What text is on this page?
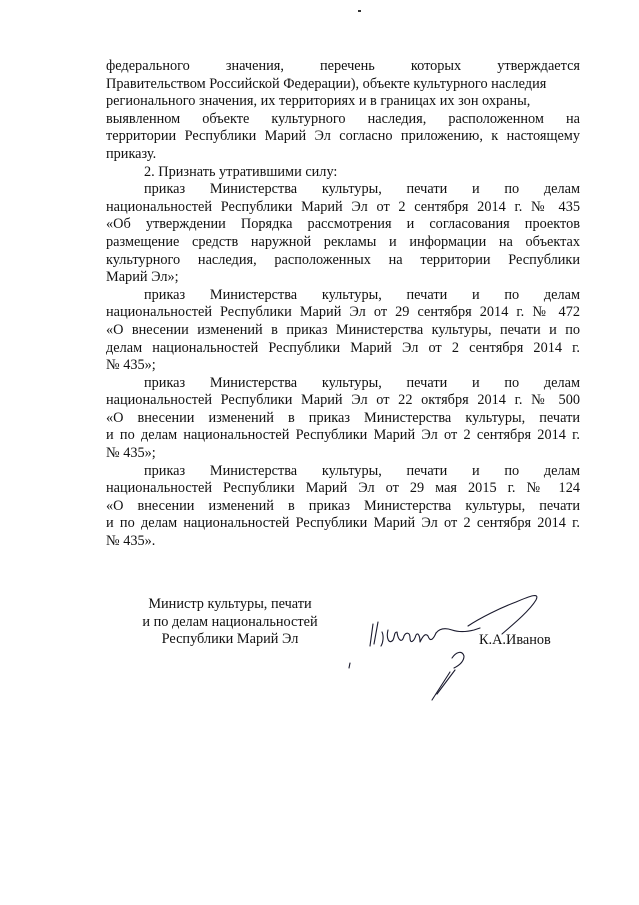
федерального значения, перечень которых утверждается
Правительством Российской Федерации), объекте культурного наследия
регионального значения, их территориях и в границах их зон охраны,
выявленном объекте культурного наследия, расположенном на
территории Республики Марий Эл согласно приложению, к настоящему
приказу.
2. Признать утратившими силу:
приказ Министерства культуры, печати и по делам
национальностей Республики Марий Эл от 2 сентября 2014 г. № 435
«Об утверждении Порядка рассмотрения и согласования проектов
размещение средств наружной рекламы и информации на объектах
культурного наследия, расположенных на территории Республики
Марий Эл»;
приказ Министерства культуры, печати и по делам
национальностей Республики Марий Эл от 29 сентября 2014 г. № 472
«О внесении изменений в приказ Министерства культуры, печати и по
делам национальностей Республики Марий Эл от 2 сентября 2014 г.
№ 435»;
приказ Министерства культуры, печати и по делам
национальностей Республики Марий Эл от 22 октября 2014 г. № 500
«О внесении изменений в приказ Министерства культуры, печати
и по делам национальностей Республики Марий Эл от 2 сентября 2014 г.
№ 435»;
приказ Министерства культуры, печати и по делам
национальностей Республики Марий Эл от 29 мая 2015 г. № 124
«О внесении изменений в приказ Министерства культуры, печати
и по делам национальностей Республики Марий Эл от 2 сентября 2014 г.
№ 435».
Министр культуры, печати
и по делам национальностей
Республики Марий Эл	К.А.Иванов
